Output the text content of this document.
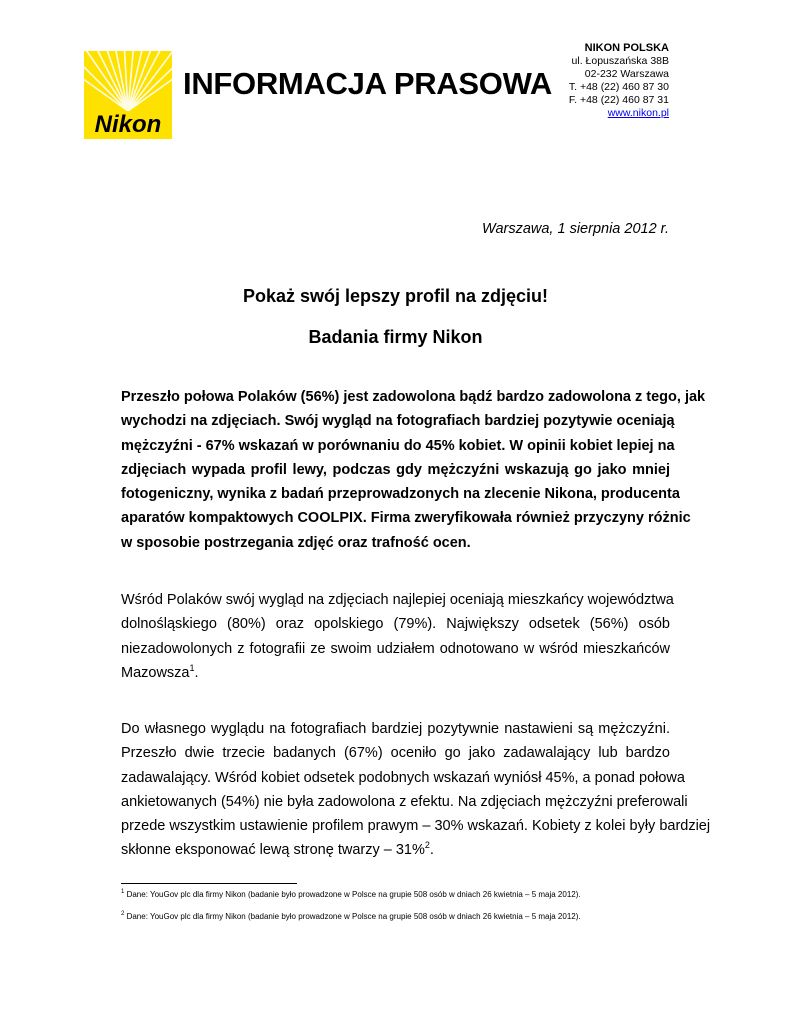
Nikon
INFORMACJA PRASOWA
NIKON POLSKA
ul. Łopuszańska 38B
02-232 Warszawa
T. +48 (22) 460 87 30
F. +48 (22) 460 87 31
www.nikon.pl
Warszawa, 1 sierpnia 2012 r.
Pokaż swój lepszy profil na zdjęciu!
Badania firmy Nikon
Przeszło połowa Polaków (56%) jest zadowolona bądź bardzo zadowolona z tego, jak
wychodzi na zdjęciach. Swój wygląd na fotografiach bardziej pozytywie oceniają
mężczyźni - 67% wskazań w porównaniu do 45% kobiet. W opinii kobiet lepiej na
zdjęciach wypada profil lewy, podczas gdy mężczyźni wskazują go jako mniej
fotogeniczny, wynika z badań przeprowadzonych na zlecenie Nikona, producenta
aparatów kompaktowych COOLPIX. Firma zweryfikowała również przyczyny różnic
w sposobie postrzegania zdjęć oraz trafność ocen.
Wśród Polaków swój wygląd na zdjęciach najlepiej oceniają mieszkańcy województwa
dolnośląskiego (80%) oraz opolskiego (79%). Największy odsetek (56%) osób
niezadowolonych z fotografii ze swoim udziałem odnotowano w wśród mieszkańców
Mazowsza$^1$.
Do własnego wyglądu na fotografiach bardziej pozytywnie nastawieni są mężczyźni.
Przeszło dwie trzecie badanych (67%) oceniło go jako zadawalający lub bardzo
zadawalający. Wśród kobiet odsetek podobnych wskazań wyniósł 45%, a ponad połowa
ankietowanych (54%) nie była zadowolona z efektu. Na zdjęciach mężczyźni preferowali
przede wszystkim ustawienie profilem prawym – 30% wskazań. Kobiety z kolei były bardziej
skłonne eksponować lewą stronę twarzy – 31%$^2$.
$^1$ Dane: YouGov plc dla firmy Nikon (badanie było prowadzone w Polsce na grupie 508 osób w dniach 26 kwietnia – 5 maja 2012).
$^2$ Dane: YouGov plc dla firmy Nikon (badanie było prowadzone w Polsce na grupie 508 osób w dniach 26 kwietnia – 5 maja 2012).
